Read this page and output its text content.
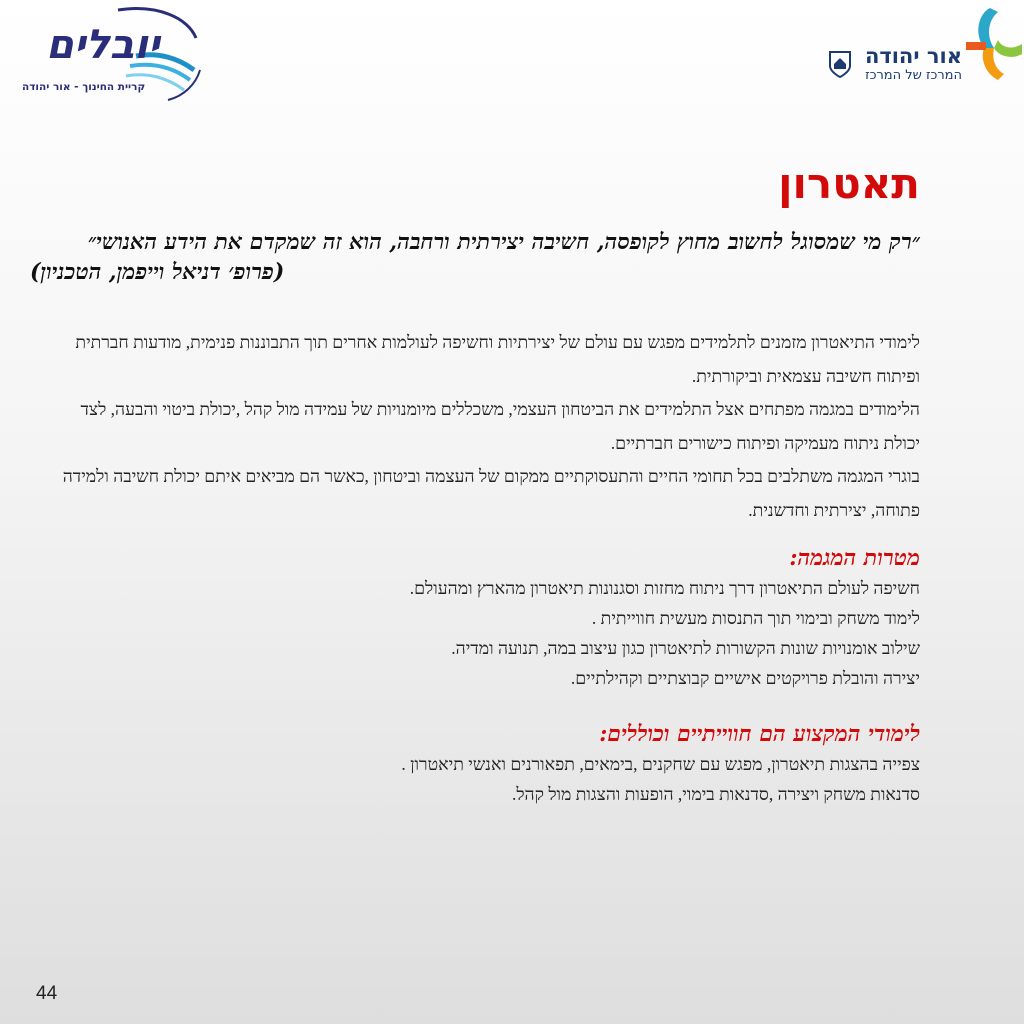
אור יהודה
המרכז של המרכז
יובלים
קריית החינוך - אור יהודה
תאטרון
״רק מי שמסוגל לחשוב מחוץ לקופסה, חשיבה יצירתית ורחבה, הוא זה שמקדם את הידע האנושי״
(פרופ׳ דניאל וייפמן, הטכניון)

לימודי התיאטרון מזמנים לתלמידים מפגש עם עולם של יצירתיות וחשיפה לעולמות אחרים תוך התבוננות פנימית, מודעות חברתית ופיתוח חשיבה עצמאית וביקורתית.

הלימודים במגמה מפתחים אצל התלמידים את הביטחון העצמי, משכללים מיומנויות של עמידה מול קהל ,יכולת ביטוי והבעה, לצד יכולת ניתוח מעמיקה ופיתוח כישורים חברתיים.

בוגרי המגמה משתלבים בכל תחומי החיים והתעסוקתיים ממקום של העצמה וביטחון ,כאשר הם מביאים איתם יכולת חשיבה ולמידה פתוחה, יצירתית וחדשנית.

מטרות המגמה:
חשיפה לעולם התיאטרון דרך ניתוח מחזות וסגנונות תיאטרון מהארץ ומהעולם.
לימוד משחק ובימוי תוך התנסות מעשית חווייתית .
שילוב אומנויות שונות הקשורות לתיאטרון כגון עיצוב במה, תנועה ומדיה.
יצירה והובלת פרויקטים אישיים קבוצתיים וקהילתיים.
לימודי המקצוע הם חווייתיים וכוללים:
צפייה בהצגות תיאטרון, מפגש עם שחקנים ,בימאים, תפאורנים ואנשי תיאטרון .
סדנאות משחק ויצירה ,סדנאות בימוי, הופעות והצגות מול קהל.
44
